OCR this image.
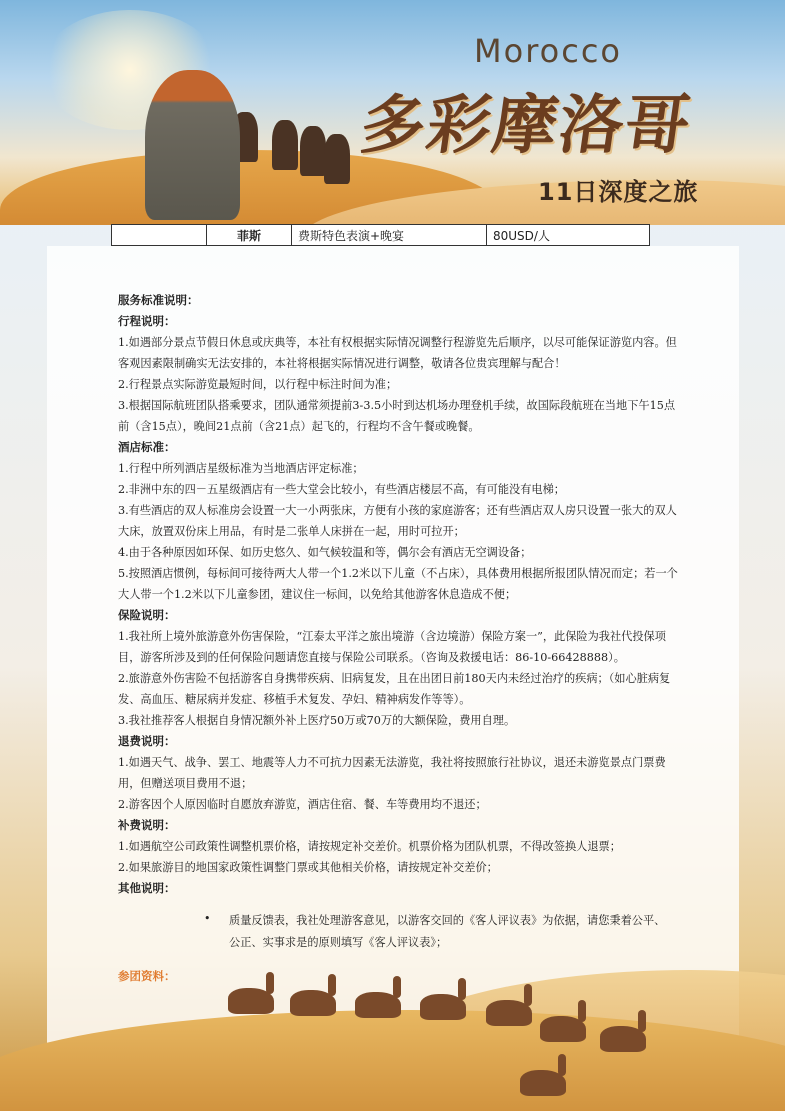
Morocco
多彩摩洛哥
11日深度之旅
	菲斯	费斯特色表演+晚宴	80USD/人
服务标准说明：
行程说明：

1.如遇部分景点节假日休息或庆典等，本社有权根据实际情况调整行程游览先后顺序，以尽可能保证游览内容。但客观因素限制确实无法安排的，本社将根据实际情况进行调整，敬请各位贵宾理解与配合！

2.行程景点实际游览最短时间，以行程中标注时间为准；

3.根据国际航班团队搭乘要求，团队通常须提前3-3.5小时到达机场办理登机手续，故国际段航班在当地下午15点前（含15点），晚间21点前（含21点）起飞的，行程均不含午餐或晚餐。

酒店标准：

1.行程中所列酒店星级标准为当地酒店评定标准；

2.非洲中东的四－五星级酒店有一些大堂会比较小，有些酒店楼层不高，有可能没有电梯；

3.有些酒店的双人标准房会设置一大一小两张床，方便有小孩的家庭游客；还有些酒店双人房只设置一张大的双人大床，放置双份床上用品，有时是二张单人床拼在一起，用时可拉开；

4.由于各种原因如环保、如历史悠久、如气候较温和等，偶尔会有酒店无空调设备；

5.按照酒店惯例，每标间可接待两大人带一个1.2米以下儿童（不占床），具体费用根据所报团队情况而定；若一个大人带一个1.2米以下儿童参团，建议住一标间，以免给其他游客休息造成不便；

保险说明：

1.我社所上境外旅游意外伤害保险，“江泰太平洋之旅出境游（含边境游）保险方案一”，此保险为我社代投保项目，游客所涉及到的任何保险问题请您直接与保险公司联系。（咨询及救援电话：86-10-66428888）。

2.旅游意外伤害险不包括游客自身携带疾病、旧病复发，且在出团日前180天内未经过治疗的疾病；（如心脏病复发、高血压、糖尿病并发症、移植手术复发、孕妇、精神病发作等等）。

3.我社推荐客人根据自身情况额外补上医疗50万或70万的大额保险，费用自理。

退费说明：

1.如遇天气、战争、罢工、地震等人力不可抗力因素无法游览，我社将按照旅行社协议，退还未游览景点门票费用，但赠送项目费用不退；

2.游客因个人原因临时自愿放弃游览，酒店住宿、餐、车等费用均不退还；

补费说明：

1.如遇航空公司政策性调整机票价格，请按规定补交差价。机票价格为团队机票，不得改签换人退票；

2.如果旅游目的地国家政策性调整门票或其他相关价格，请按规定补交差价；

其他说明：
• 质量反馈表，我社处理游客意见，以游客交回的《客人评议表》为依据，请您秉着公平、公正、实事求是的原则填写《客人评议表》；
参团资料：
